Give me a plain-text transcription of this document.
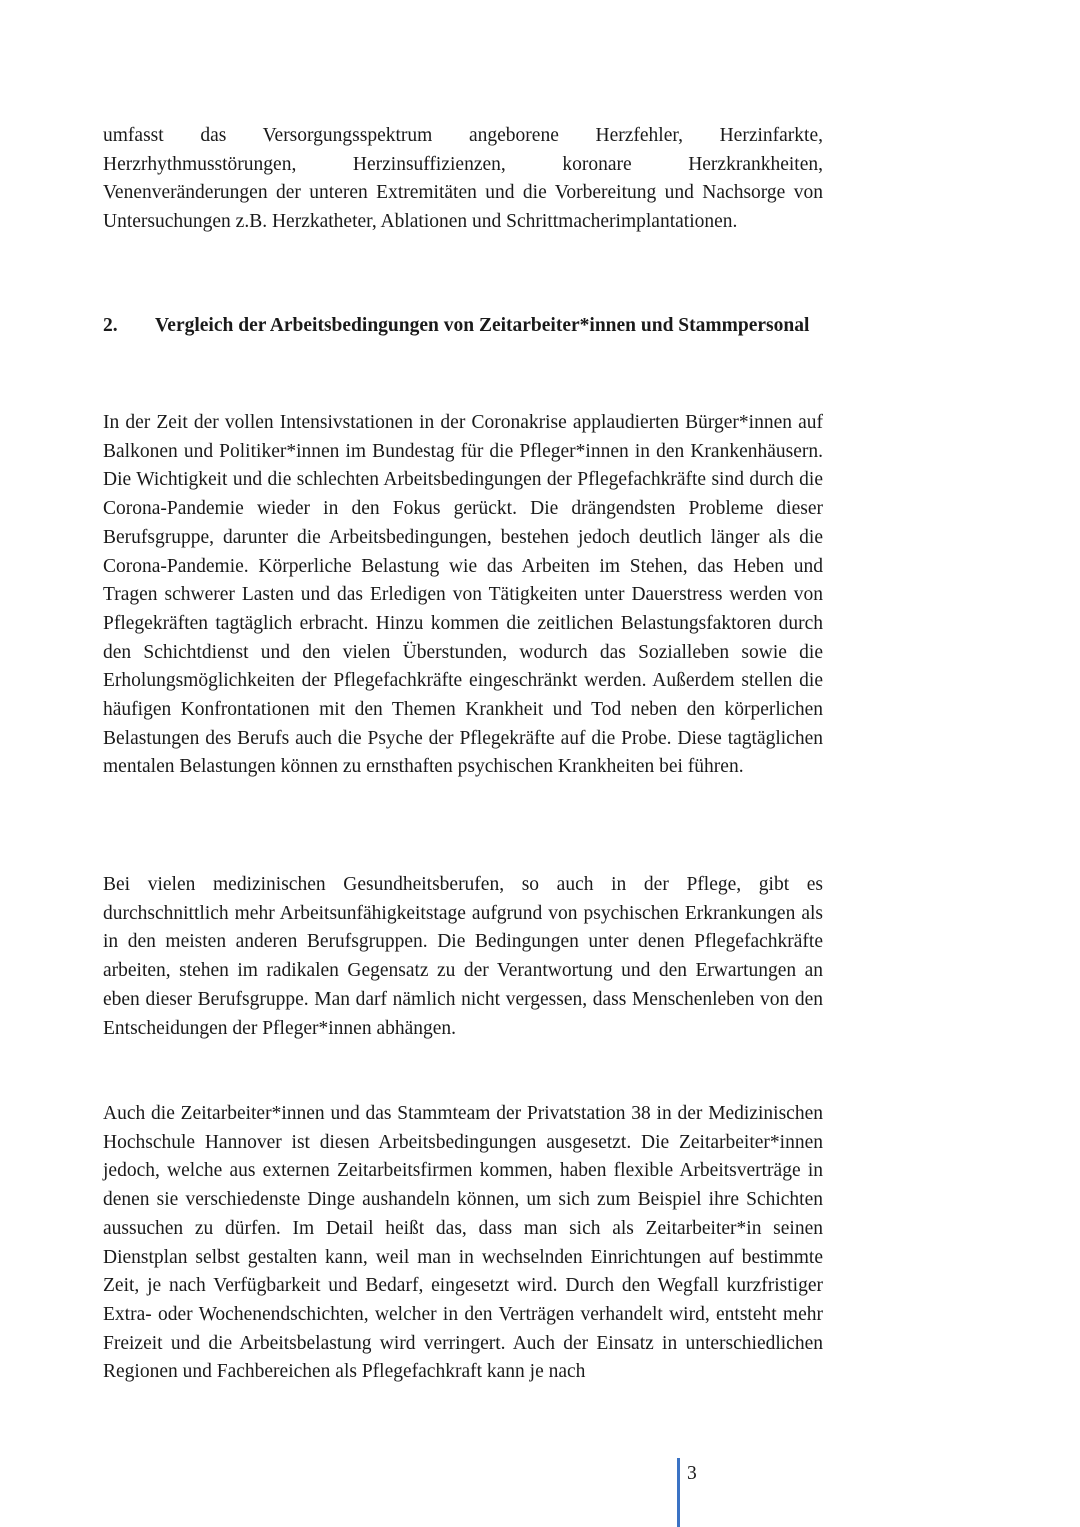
umfasst das Versorgungsspektrum angeborene Herzfehler, Herzinfarkte, Herzrhythmusstörungen, Herzinsuffizienzen, koronare Herzkrankheiten, Venenveränderungen der unteren Extremitäten und die Vorbereitung und Nachsorge von Untersuchungen z.B. Herzkatheter, Ablationen und Schrittmacherimplantationen.

2. Vergleich der Arbeitsbedingungen von Zeitarbeiter*innen und Stammpersonal

In der Zeit der vollen Intensivstationen in der Coronakrise applaudierten Bürger*innen auf Balkonen und Politiker*innen im Bundestag für die Pfleger*innen in den Krankenhäusern. Die Wichtigkeit und die schlechten Arbeitsbedingungen der Pflegefachkräfte sind durch die Corona-Pandemie wieder in den Fokus gerückt. Die drängendsten Probleme dieser Berufsgruppe, darunter die Arbeitsbedingungen, bestehen jedoch deutlich länger als die Corona-Pandemie. Körperliche Belastung wie das Arbeiten im Stehen, das Heben und Tragen schwerer Lasten und das Erledigen von Tätigkeiten unter Dauerstress werden von Pflegekräften tagtäglich erbracht. Hinzu kommen die zeitlichen Belastungsfaktoren durch den Schichtdienst und den vielen Überstunden, wodurch das Sozialleben sowie die Erholungsmöglichkeiten der Pflegefachkräfte eingeschränkt werden. Außerdem stellen die häufigen Konfrontationen mit den Themen Krankheit und Tod neben den körperlichen Belastungen des Berufs auch die Psyche der Pflegekräfte auf die Probe. Diese tagtäglichen mentalen Belastungen können zu ernsthaften psychischen Krankheiten bei führen.

Bei vielen medizinischen Gesundheitsberufen, so auch in der Pflege, gibt es durchschnittlich mehr Arbeitsunfähigkeitstage aufgrund von psychischen Erkrankungen als in den meisten anderen Berufsgruppen. Die Bedingungen unter denen Pflegefachkräfte arbeiten, stehen im radikalen Gegensatz zu der Verantwortung und den Erwartungen an eben dieser Berufsgruppe. Man darf nämlich nicht vergessen, dass Menschenleben von den Entscheidungen der Pfleger*innen abhängen.

Auch die Zeitarbeiter*innen und das Stammteam der Privatstation 38 in der Medizinischen Hochschule Hannover ist diesen Arbeitsbedingungen ausgesetzt. Die Zeitarbeiter*innen jedoch, welche aus externen Zeitarbeitsfirmen kommen, haben flexible Arbeitsverträge in denen sie verschiedenste Dinge aushandeln können, um sich zum Beispiel ihre Schichten aussuchen zu dürfen. Im Detail heißt das, dass man sich als Zeitarbeiter*in seinen Dienstplan selbst gestalten kann, weil man in wechselnden Einrichtungen auf bestimmte Zeit, je nach Verfügbarkeit und Bedarf, eingesetzt wird. Durch den Wegfall kurzfristiger Extra- oder Wochenendschichten, welcher in den Verträgen verhandelt wird, entsteht mehr Freizeit und die Arbeitsbelastung wird verringert. Auch der Einsatz in unterschiedlichen Regionen und Fachbereichen als Pflegefachkraft kann je nach

3
